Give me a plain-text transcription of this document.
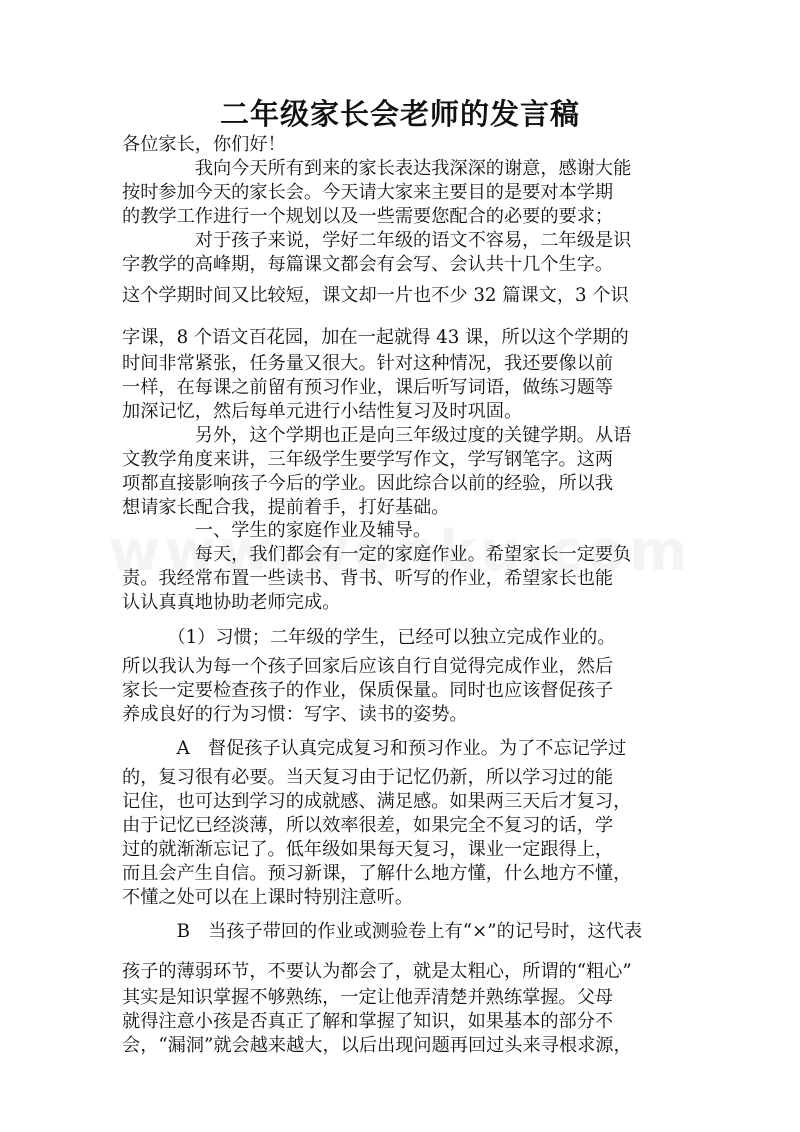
二年级家长会老师的发言稿
各位家长，你们好！
　　　　我向今天所有到来的家长表达我深深的谢意，感谢大能
按时参加今天的家长会。今天请大家来主要目的是要对本学期
的教学工作进行一个规划以及一些需要您配合的必要的要求；
　　　　对于孩子来说，学好二年级的语文不容易，二年级是识
字教学的高峰期，每篇课文都会有会写、会认共十几个生字。
这个学期时间又比较短，课文却一片也不少 32 篇课文，3 个识
字课，8 个语文百花园，加在一起就得 43 课，所以这个学期的
时间非常紧张，任务量又很大。针对这种情况，我还要像以前
一样，在每课之前留有预习作业，课后听写词语，做练习题等
加深记忆，然后每单元进行小结性复习及时巩固。
　　　　另外，这个学期也正是向三年级过度的关键学期。从语
文教学角度来讲，三年级学生要学写作文，学写钢笔字。这两
项都直接影响孩子今后的学业。因此综合以前的经验，所以我
想请家长配合我，提前着手，打好基础。
　　　　一、学生的家庭作业及辅导。
　　　　每天，我们都会有一定的家庭作业。希望家长一定要负
责。我经常布置一些读书、背书、听写的作业，希望家长也能
认认真真地协助老师完成。
　　　（1）习惯；二年级的学生，已经可以独立完成作业的。
所以我认为每一个孩子回家后应该自行自觉得完成作业，然后
家长一定要检查孩子的作业，保质保量。同时也应该督促孩子
养成良好的行为习惯：写字、读书的姿势。
　　　A　督促孩子认真完成复习和预习作业。为了不忘记学过
的，复习很有必要。当天复习由于记忆仍新，所以学习过的能
记住，也可达到学习的成就感、满足感。如果两三天后才复习，
由于记忆已经淡薄，所以效率很差，如果完全不复习的话，学
过的就渐渐忘记了。低年级如果每天复习，课业一定跟得上，
而且会产生自信。预习新课，了解什么地方懂，什么地方不懂，
不懂之处可以在上课时特别注意听。
　　　B　当孩子带回的作业或测验卷上有“×”的记号时，这代表
孩子的薄弱环节，不要认为都会了，就是太粗心，所谓的“粗心”
其实是知识掌握不够熟练，一定让他弄清楚并熟练掌握。父母
就得注意小孩是否真正了解和掌握了知识，如果基本的部分不
会，“漏洞”就会越来越大，以后出现问题再回过头来寻根求源，
